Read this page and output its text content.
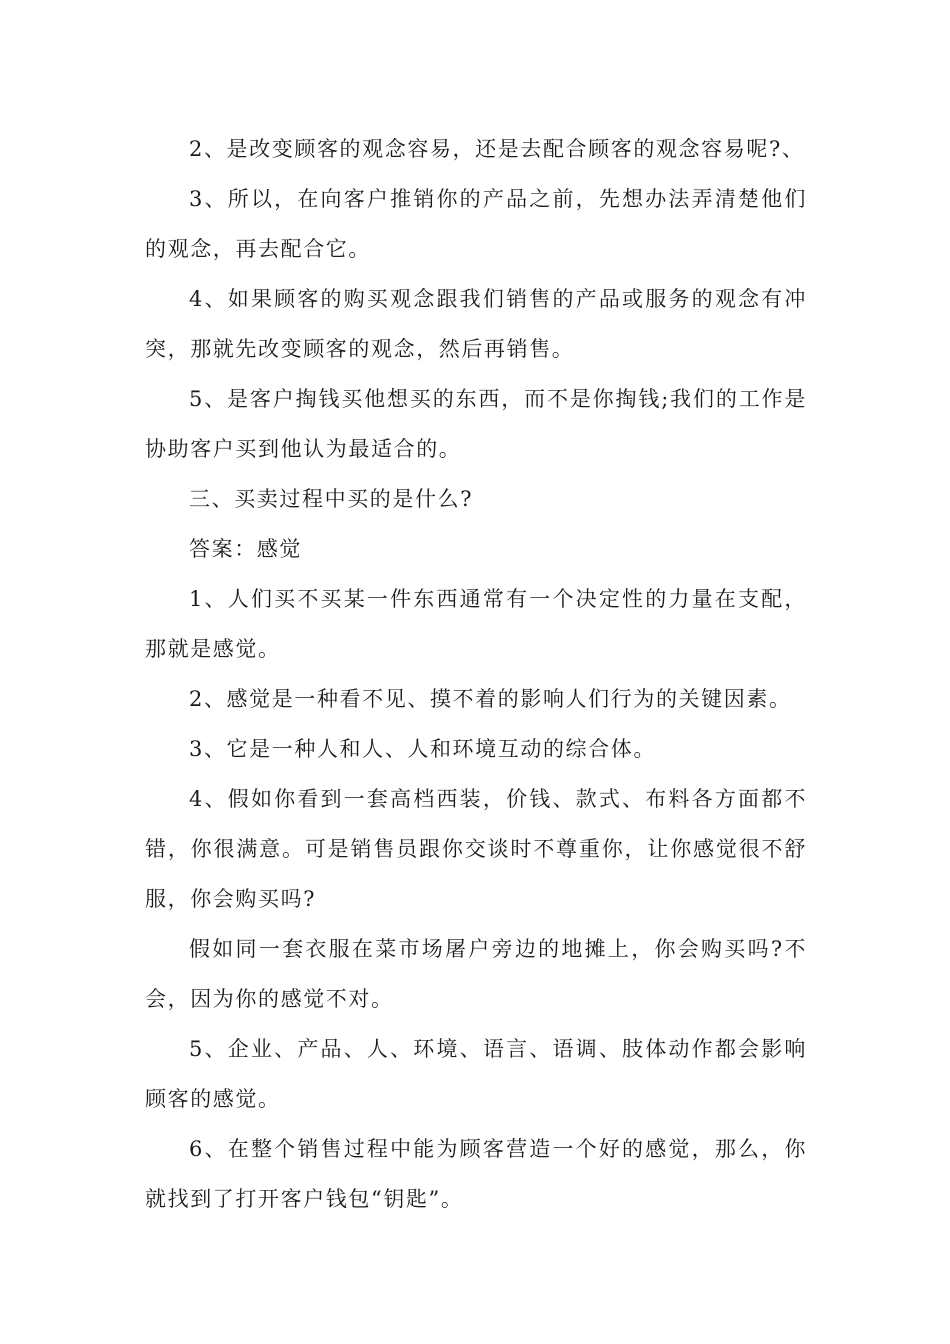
2、是改变顾客的观念容易，还是去配合顾客的观念容易呢?、

3、所以，在向客户推销你的产品之前，先想办法弄清楚他们的观念，再去配合它。

4、如果顾客的购买观念跟我们销售的产品或服务的观念有冲突，那就先改变顾客的观念，然后再销售。

5、是客户掏钱买他想买的东西，而不是你掏钱;我们的工作是协助客户买到他认为最适合的。

三、买卖过程中买的是什么?

答案：感觉

1、人们买不买某一件东西通常有一个决定性的力量在支配，那就是感觉。

2、感觉是一种看不见、摸不着的影响人们行为的关键因素。

3、它是一种人和人、人和环境互动的综合体。

4、假如你看到一套高档西装，价钱、款式、布料各方面都不错，你很满意。可是销售员跟你交谈时不尊重你，让你感觉很不舒服，你会购买吗?

假如同一套衣服在菜市场屠户旁边的地摊上，你会购买吗?不会，因为你的感觉不对。

5、企业、产品、人、环境、语言、语调、肢体动作都会影响顾客的感觉。

6、在整个销售过程中能为顾客营造一个好的感觉，那么，你就找到了打开客户钱包“钥匙”。
